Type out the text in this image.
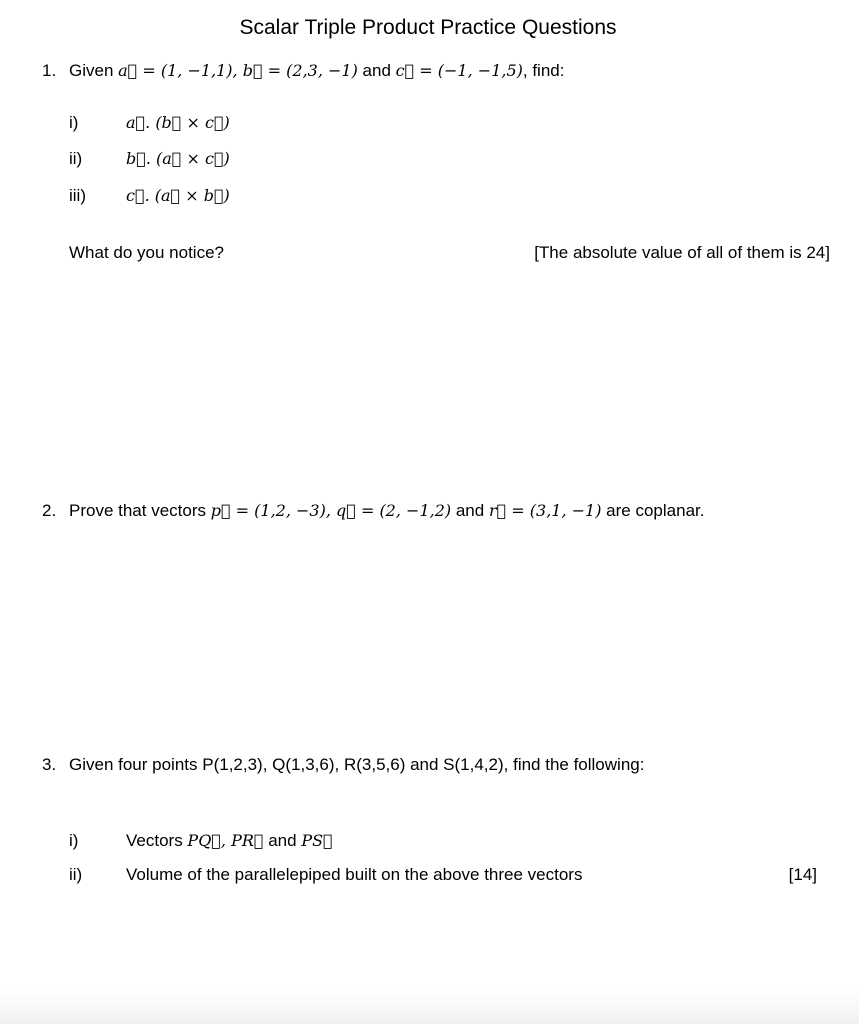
Scalar Triple Product Practice Questions
1. Given a⃗ = (1, −1,1), b⃗ = (2,3, −1) and c⃗ = (−1, −1,5), find:
i)	a⃗. (b⃗ × c⃗)
ii)	b⃗. (a⃗ × c⃗)
iii)	c⃗. (a⃗ × b⃗)
What do you notice?	[The absolute value of all of them is 24]
2. Prove that vectors p⃗ = (1,2, −3), q⃗ = (2, −1,2) and r⃗ = (3,1, −1) are coplanar.
3. Given four points P(1,2,3), Q(1,3,6), R(3,5,6) and S(1,4,2), find the following:
i)	Vectors PQ⃗, PR⃗ and PS⃗
ii)	Volume of the parallelepiped built on the above three vectors	[14]
